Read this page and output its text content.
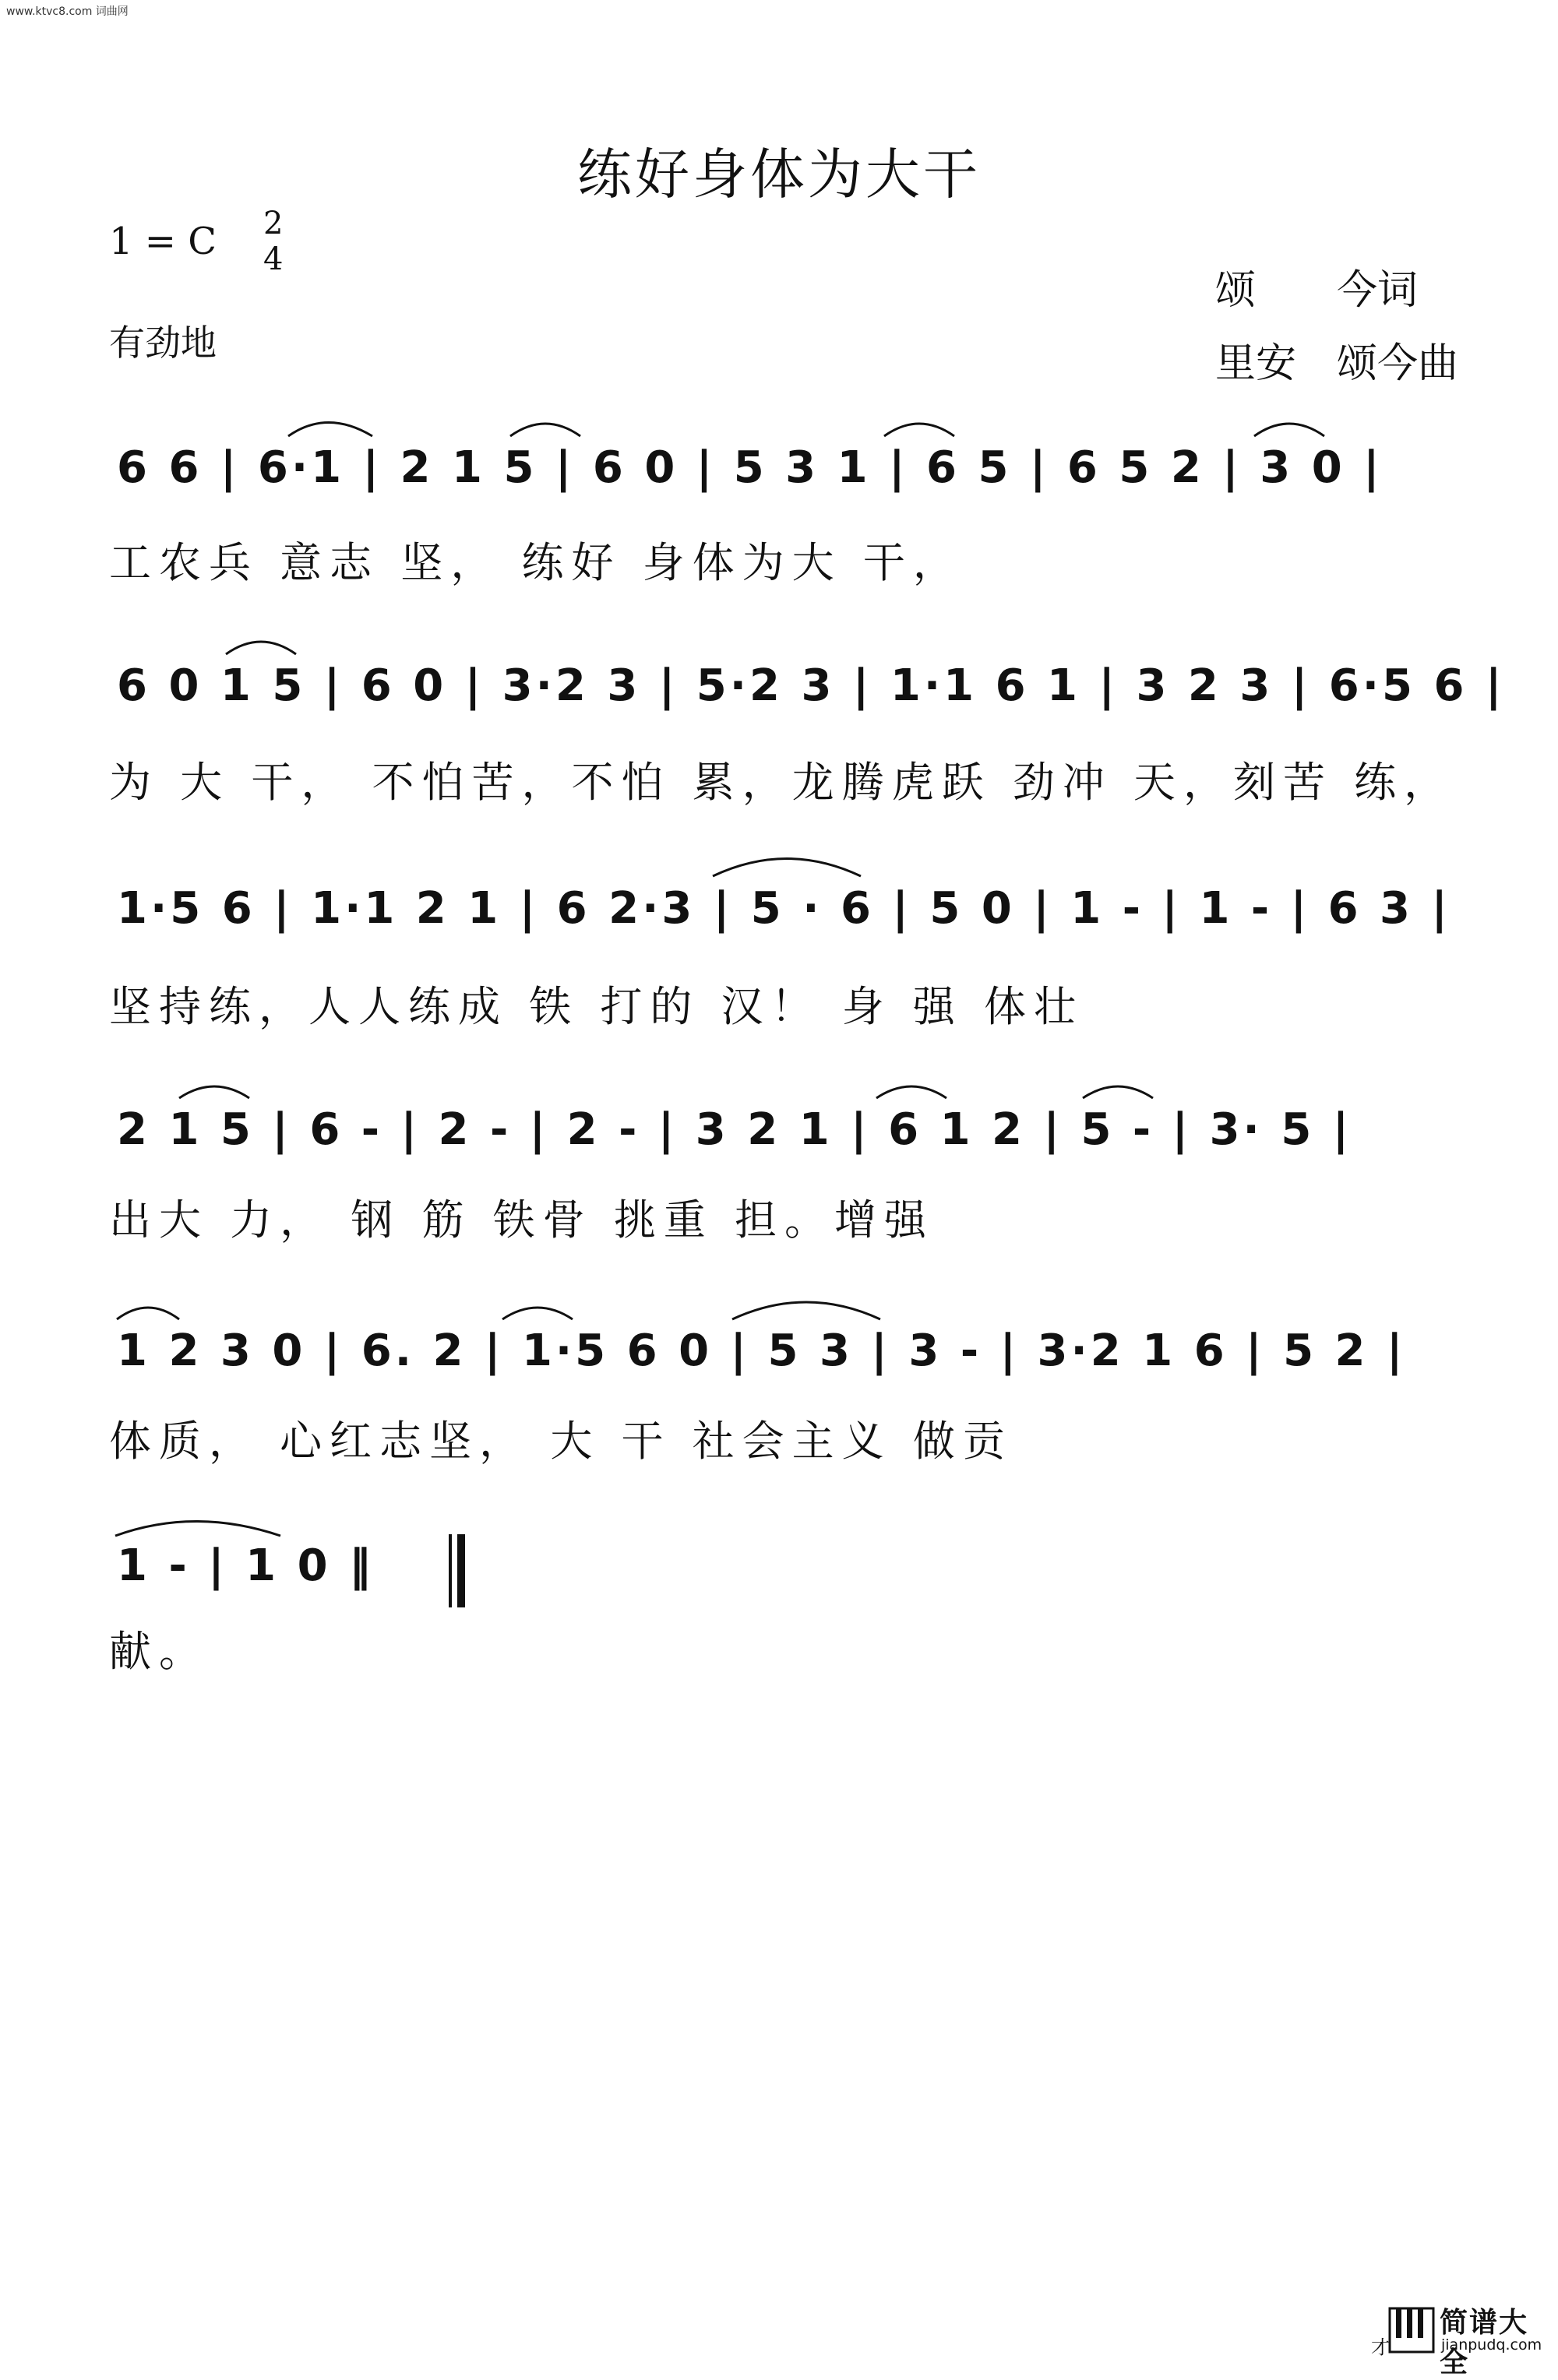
www.ktvc8.com 词曲网
练好身体为大干
1 = C 2
4
有劲地
颂　　今词
里安　颂今曲
6 6 | 6·1 | 2 1 5 | 6 0 | 5 3 1 | 6 5 | 6 5 2 | 3 0 |
工农兵 意志 坚， 练好 身体为大 干，
6 0 1 5 | 6 0 | 3·2 3 | 5·2 3 | 1·1 6 1 | 3 2 3 | 6·5 6 |
为 大 干， 不怕苦，不怕 累，龙腾虎跃 劲冲 天，刻苦 练，
1·5 6 | 1·1 2 1 | 6 2·3 | 5 · 6 | 5 0 | 1 - | 1 - | 6 3 |
坚持练，人人练成 铁 打的 汉！ 身 强 体壮
2 1 5 | 6 - | 2 - | 2 - | 3 2 1 | 6 1 2 | 5 - | 3· 5 |
出大 力， 钢 筋 铁骨 挑重 担。增强
1 2 3 0 | 6. 2 | 1·5 6 0 | 5 3 | 3 - | 3·2 1 6 | 5 2 |
体质， 心红志坚， 大 干 社会主义 做贡
1 - | 1 0 ‖
献。
才
简谱大全
jianpudq.com
